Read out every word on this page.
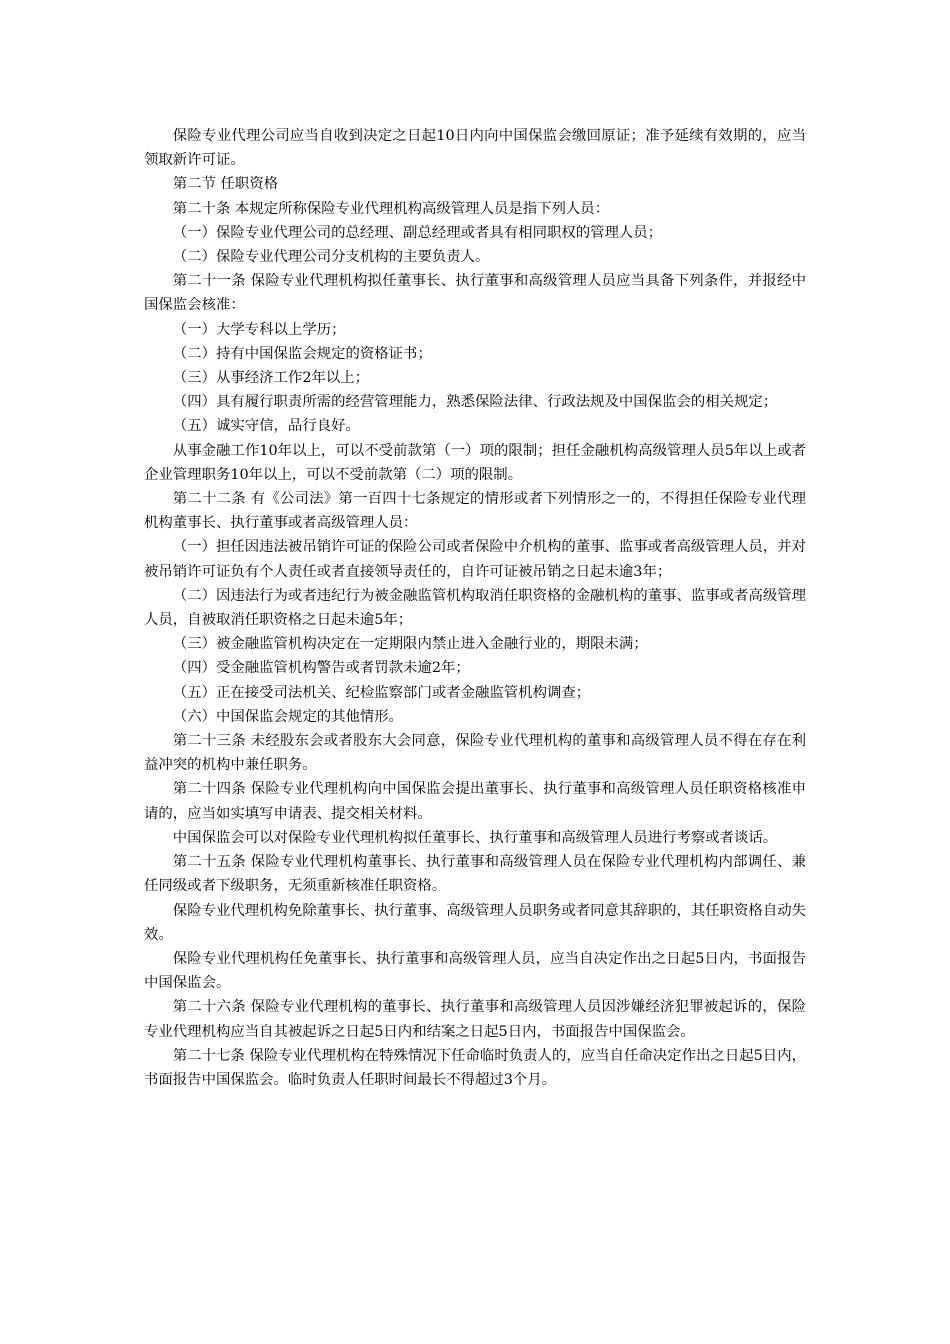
保险专业代理公司应当自收到决定之日起10日内向中国保监会缴回原证；准予延续有效期的，应当领取新许可证。

第二节 任职资格

第二十条 本规定所称保险专业代理机构高级管理人员是指下列人员：

（一）保险专业代理公司的总经理、副总经理或者具有相同职权的管理人员；

（二）保险专业代理公司分支机构的主要负责人。

第二十一条 保险专业代理机构拟任董事长、执行董事和高级管理人员应当具备下列条件，并报经中国保监会核准：

（一）大学专科以上学历；

（二）持有中国保监会规定的资格证书；

（三）从事经济工作2年以上；

（四）具有履行职责所需的经营管理能力，熟悉保险法律、行政法规及中国保监会的相关规定；

（五）诚实守信，品行良好。

从事金融工作10年以上，可以不受前款第（一）项的限制；担任金融机构高级管理人员5年以上或者企业管理职务10年以上，可以不受前款第（二）项的限制。

第二十二条 有《公司法》第一百四十七条规定的情形或者下列情形之一的，不得担任保险专业代理机构董事长、执行董事或者高级管理人员：

（一）担任因违法被吊销许可证的保险公司或者保险中介机构的董事、监事或者高级管理人员，并对被吊销许可证负有个人责任或者直接领导责任的，自许可证被吊销之日起未逾3年；

（二）因违法行为或者违纪行为被金融监管机构取消任职资格的金融机构的董事、监事或者高级管理人员，自被取消任职资格之日起未逾5年；

（三）被金融监管机构决定在一定期限内禁止进入金融行业的，期限未满；

（四）受金融监管机构警告或者罚款未逾2年；

（五）正在接受司法机关、纪检监察部门或者金融监管机构调查；

（六）中国保监会规定的其他情形。

第二十三条 未经股东会或者股东大会同意，保险专业代理机构的董事和高级管理人员不得在存在利益冲突的机构中兼任职务。

第二十四条 保险专业代理机构向中国保监会提出董事长、执行董事和高级管理人员任职资格核准申请的，应当如实填写申请表、提交相关材料。

中国保监会可以对保险专业代理机构拟任董事长、执行董事和高级管理人员进行考察或者谈话。

第二十五条 保险专业代理机构董事长、执行董事和高级管理人员在保险专业代理机构内部调任、兼任同级或者下级职务，无须重新核准任职资格。

保险专业代理机构免除董事长、执行董事、高级管理人员职务或者同意其辞职的，其任职资格自动失效。

保险专业代理机构任免董事长、执行董事和高级管理人员，应当自决定作出之日起5日内，书面报告中国保监会。

第二十六条 保险专业代理机构的董事长、执行董事和高级管理人员因涉嫌经济犯罪被起诉的，保险专业代理机构应当自其被起诉之日起5日内和结案之日起5日内，书面报告中国保监会。

第二十七条 保险专业代理机构在特殊情况下任命临时负责人的，应当自任命决定作出之日起5日内，书面报告中国保监会。临时负责人任职时间最长不得超过3个月。
